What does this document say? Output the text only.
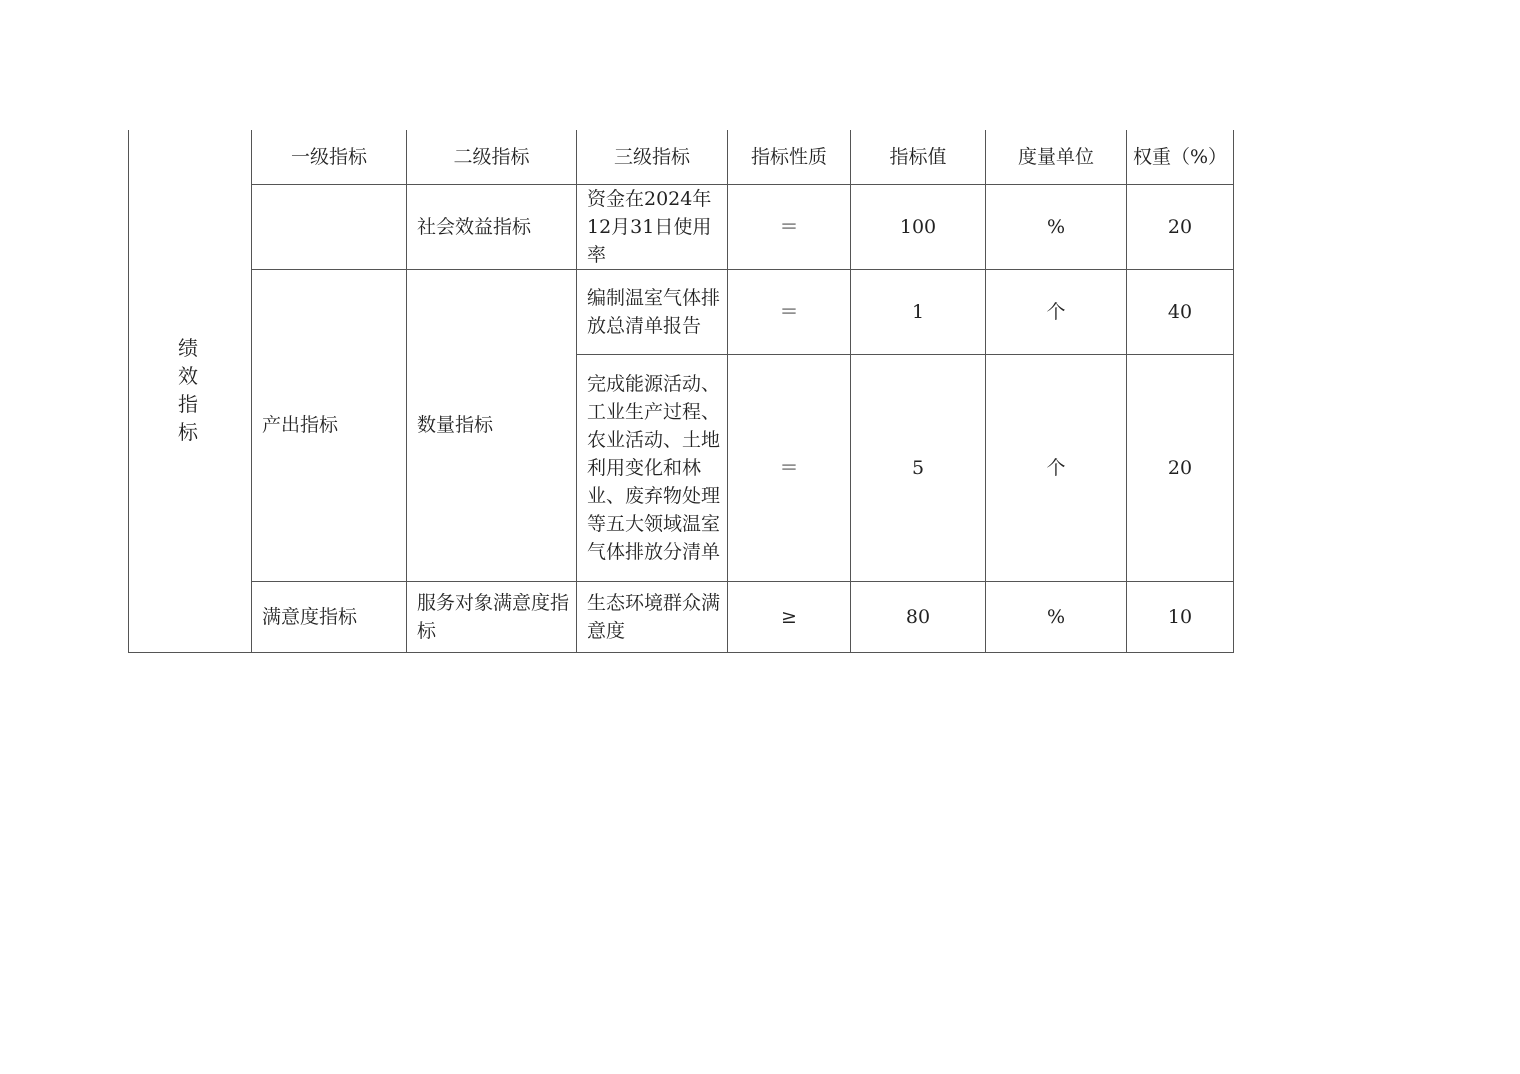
绩效指标	一级指标	二级指标	三级指标	指标性质	指标值	度量单位	权重（%）
		社会效益指标	资金在2024年12月31日使用率	＝	100	%	20
	产出指标	数量指标	编制温室气体排放总清单报告	＝	1	个	40
			完成能源活动、工业生产过程、农业活动、土地利用变化和林业、废弃物处理等五大领域温室气体排放分清单	＝	5	个	20
	满意度指标	服务对象满意度指标	生态环境群众满意度	≥	80	%	10
